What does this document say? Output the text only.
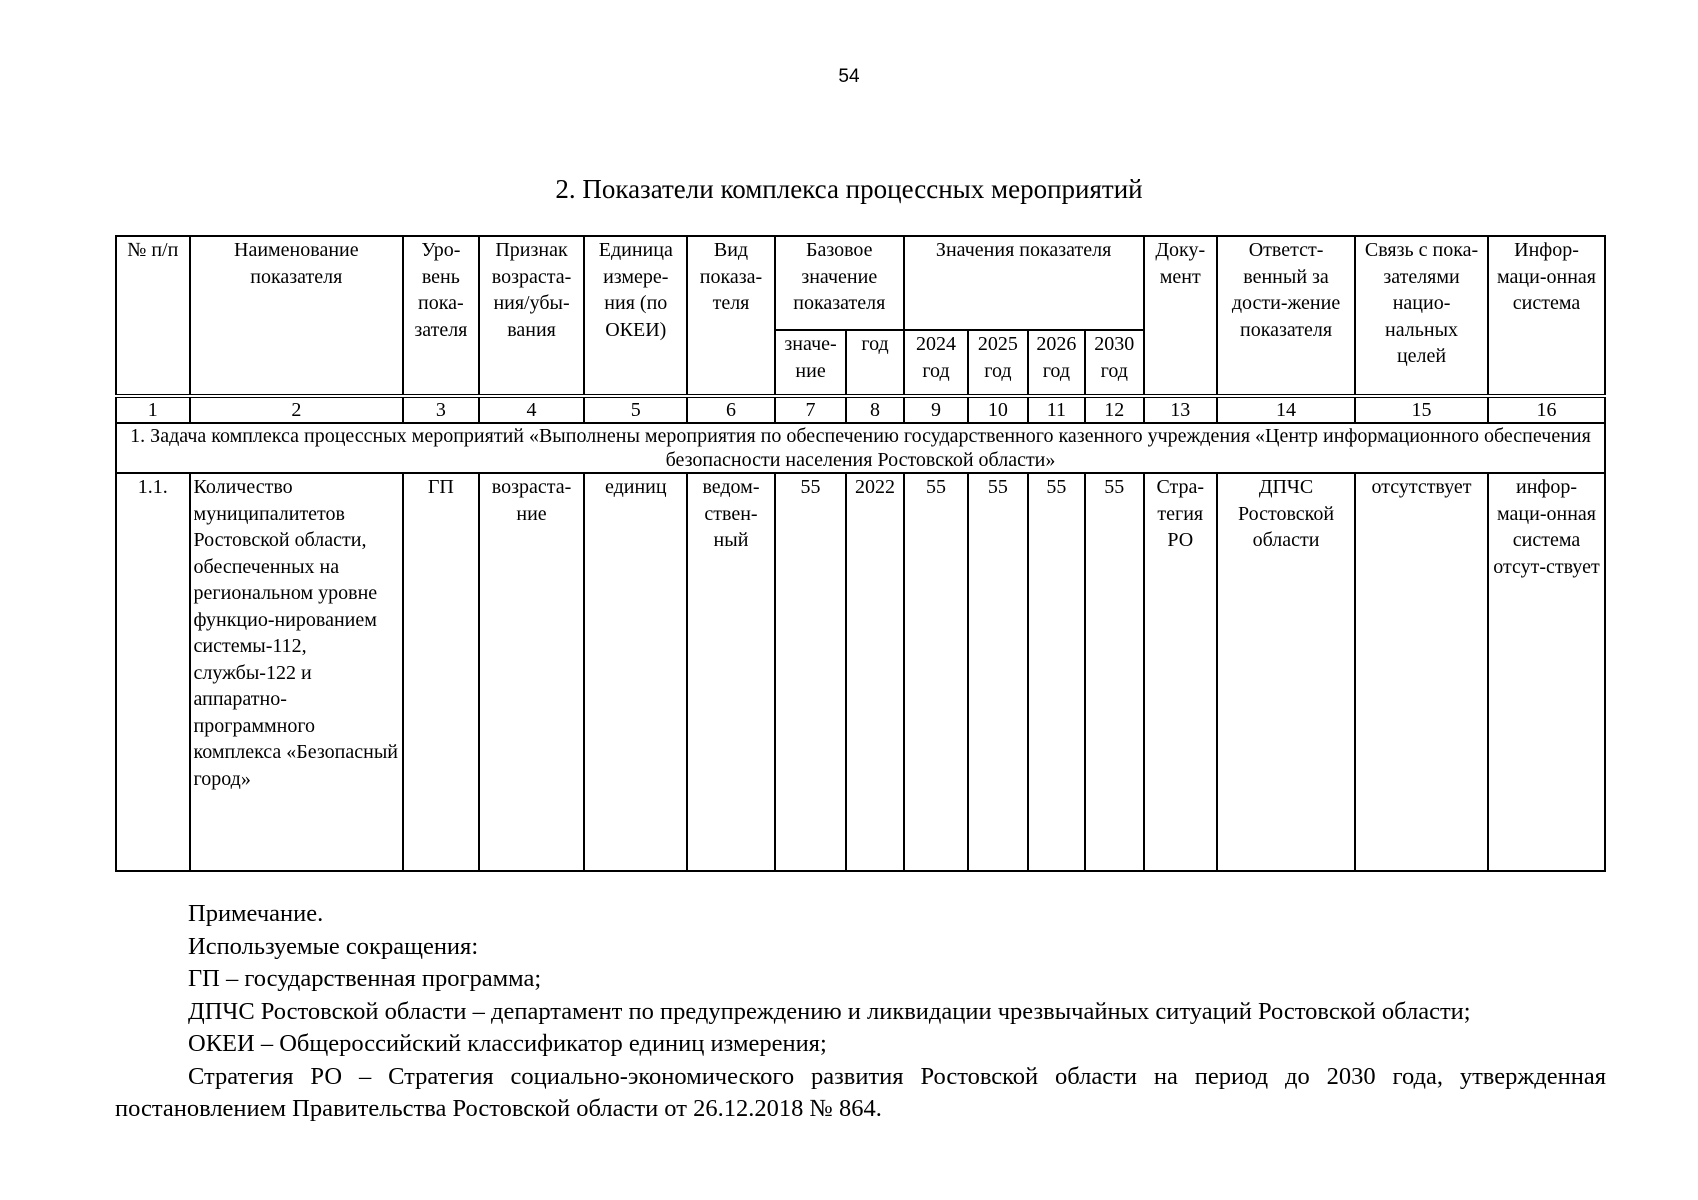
54
2. Показатели комплекса процессных мероприятий
№ п/п	Наименование показателя	Уро-вень пока-зателя	Признак возраста-ния/убы-вания	Единица измере-ния (по ОКЕИ)	Вид показа-теля	Базовое значение показателя		Значения показателя				Доку-мент	Ответст-венный за дости-жение показателя	Связь с пока-зателями нацио-нальных целей	Инфор-маци-онная система
						значе-ние	год	2024 год	2025 год	2026 год	2030 год				
1	2	3	4	5	6	7	8	9	10	11	12	13	14	15	16
1. Задача комплекса процессных мероприятий «Выполнены мероприятия по обеспечению государственного казенного учреждения «Центр информационного обеспечения безопасности населения Ростовской области»															
1.1.	Количество муниципалитетов Ростовской области, обеспеченных на региональном уровне функцио-нированием системы-112, службы-122 и аппаратно-программного комплекса «Безопасный город»	ГП	возраста-ние	единиц	ведом-ствен-ный	55	2022	55	55	55	55	Стра-тегия РО	ДПЧС Ростовской области	отсутствует	инфор-маци-онная система отсут-ствует

Примечание.

Используемые сокращения:

ГП – государственная программа;

ДПЧС Ростовской области – департамент по предупреждению и ликвидации чрезвычайных ситуаций Ростовской области;

ОКЕИ – Общероссийский классификатор единиц измерения;

Стратегия РО – Стратегия социально-экономического развития Ростовской области на период до 2030 года, утвержденная постановлением Правительства Ростовской области от 26.12.2018 № 864.
